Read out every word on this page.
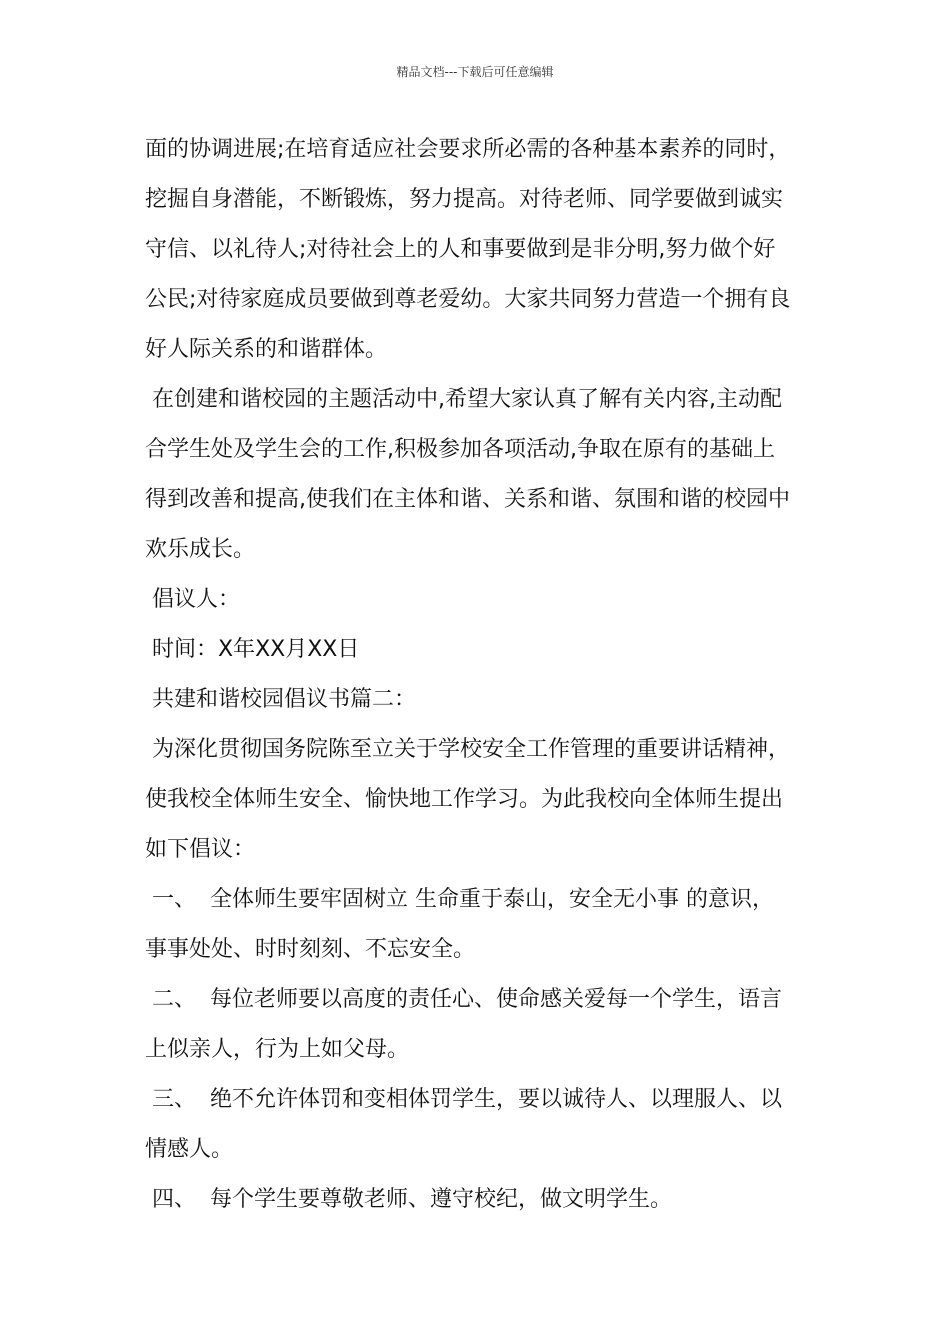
精品文档---下载后可任意编辑
面的协调进展;在培育适应社会要求所必需的各种基本素养的同时，
挖掘自身潜能，不断锻炼，努力提高。对待老师、同学要做到诚实
守信、以礼待人;对待社会上的人和事要做到是非分明,努力做个好
公民;对待家庭成员要做到尊老爱幼。大家共同努力营造一个拥有良
好人际关系的和谐群体。
在创建和谐校园的主题活动中,希望大家认真了解有关内容,主动配
合学生处及学生会的工作,积极参加各项活动,争取在原有的基础上
得到改善和提高,使我们在主体和谐、关系和谐、氛围和谐的校园中
欢乐成长。
倡议人：
时间：X年XX月XX日
共建和谐校园倡议书篇二：
为深化贯彻国务院陈至立关于学校安全工作管理的重要讲话精神，
使我校全体师生安全、愉快地工作学习。为此我校向全体师生提出
如下倡议：
一、  全体师生要牢固树立 生命重于泰山，安全无小事 的意识，
事事处处、时时刻刻、不忘安全。
二、  每位老师要以高度的责任心、使命感关爱每一个学生，语言
上似亲人，行为上如父母。
三、  绝不允许体罚和变相体罚学生，要以诚待人、以理服人、以
情感人。
四、  每个学生要尊敬老师、遵守校纪，做文明学生。
